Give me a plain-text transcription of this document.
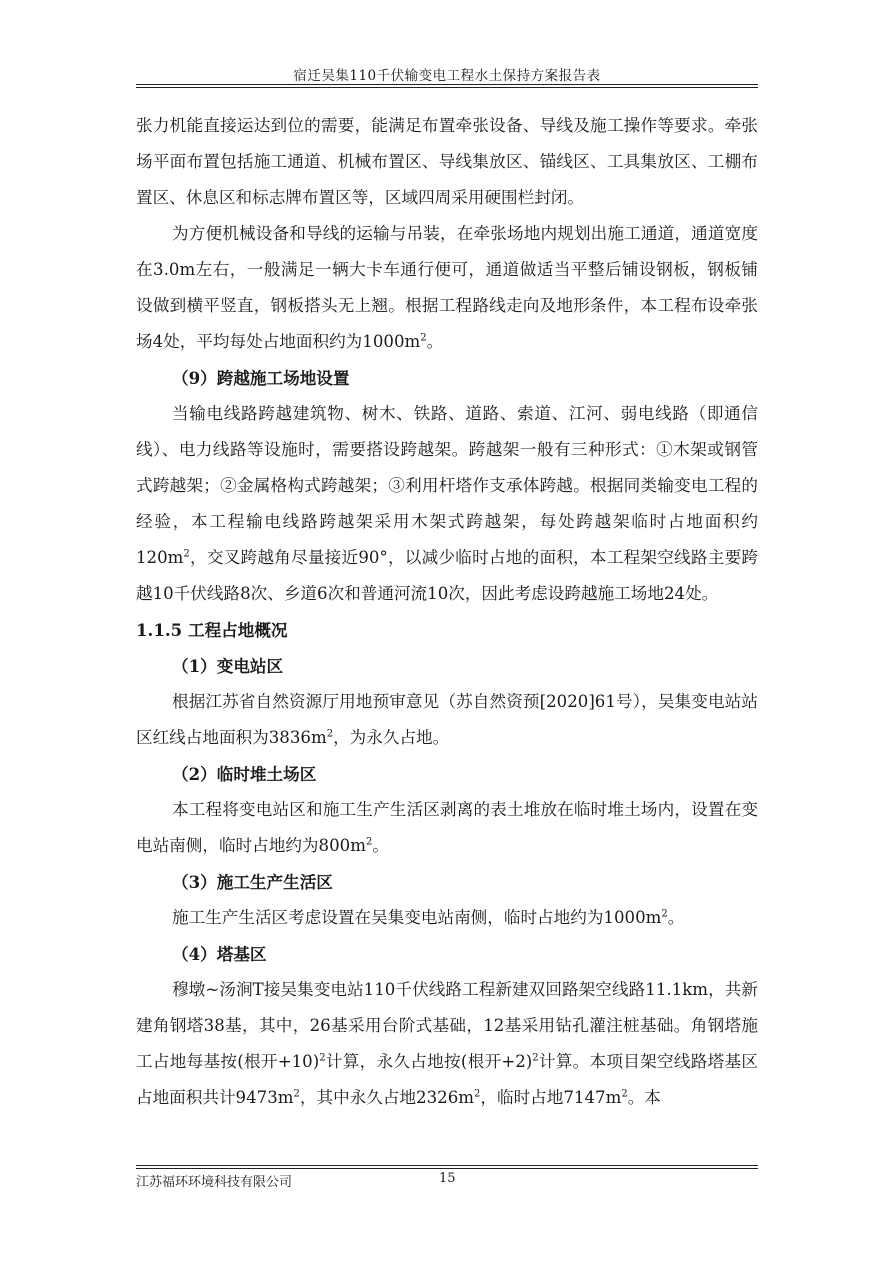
宿迁吴集110千伏输变电工程水土保持方案报告表

张力机能直接运达到位的需要，能满足布置牵张设备、导线及施工操作等要求。牵张场平面布置包括施工通道、机械布置区、导线集放区、锚线区、工具集放区、工棚布置区、休息区和标志牌布置区等，区域四周采用硬围栏封闭。

为方便机械设备和导线的运输与吊装，在牵张场地内规划出施工通道，通道宽度在3.0m左右，一般满足一辆大卡车通行便可，通道做适当平整后铺设钢板，钢板铺设做到横平竖直，钢板搭头无上翘。根据工程路线走向及地形条件，本工程布设牵张场4处，平均每处占地面积约为$1000m^2$。

（9）跨越施工场地设置

当输电线路跨越建筑物、树木、铁路、道路、索道、江河、弱电线路（即通信线）、电力线路等设施时，需要搭设跨越架。跨越架一般有三种形式：①木架或钢管式跨越架；②金属格构式跨越架；③利用杆塔作支承体跨越。根据同类输变电工程的经验，本工程输电线路跨越架采用木架式跨越架，每处跨越架临时占地面积约$120m^2$，交叉跨越角尽量接近90°，以减少临时占地的面积，本工程架空线路主要跨越10千伏线路8次、乡道6次和普通河流10次，因此考虑设跨越施工场地24处。

1.1.5 工程占地概况

（1）变电站区

根据江苏省自然资源厅用地预审意见（苏自然资预[2020]61号），吴集变电站站区红线占地面积为$3836m^2$，为永久占地。

（2）临时堆土场区

本工程将变电站区和施工生产生活区剥离的表土堆放在临时堆土场内，设置在变电站南侧，临时占地约为$800m^2$。

（3）施工生产生活区

施工生产生活区考虑设置在吴集变电站南侧，临时占地约为$1000m^2$。

（4）塔基区

穆墩~汤涧T接吴集变电站110千伏线路工程新建双回路架空线路11.1km，共新建角钢塔38基，其中，26基采用台阶式基础，12基采用钻孔灌注桩基础。角钢塔施工占地每基按(根开+10)$^2$计算，永久占地按(根开+2)$^2$计算。本项目架空线路塔基区占地面积共计$9473m^2$，其中永久占地$2326m^2$，临时占地$7147m^2$。本

江苏福环环境科技有限公司	15
